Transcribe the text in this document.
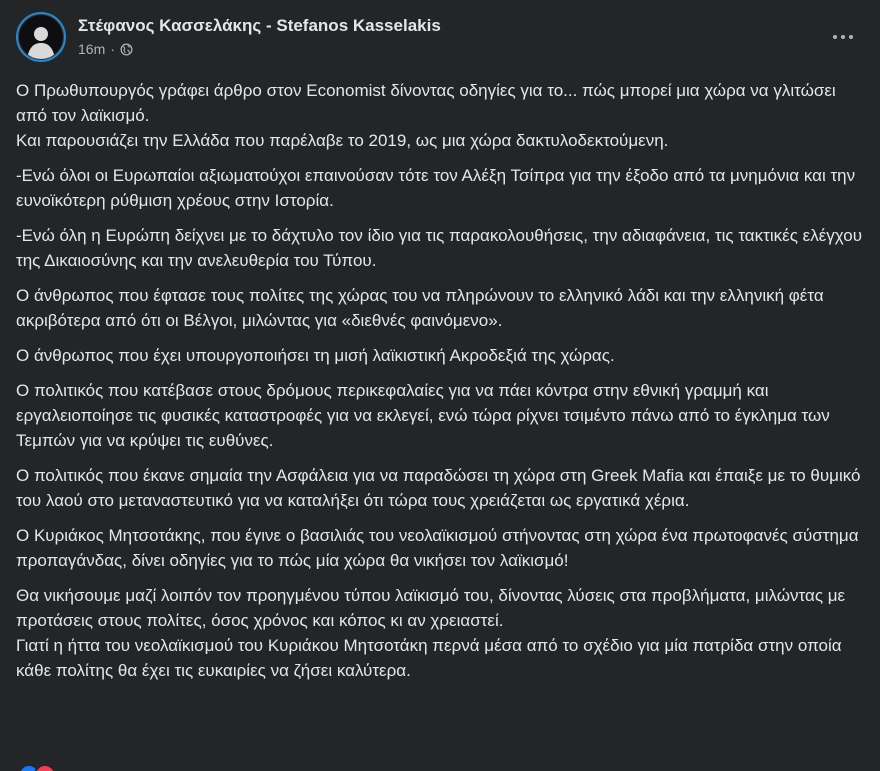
Στέφανος Κασσελάκης - Stefanos Kasselakis
16m ·

Ο Πρωθυπουργός γράφει άρθρο στον Economist δίνοντας οδηγίες για το... πώς μπορεί μια χώρα να γλιτώσει από τον λαϊκισμό.
Και παρουσιάζει την Ελλάδα που παρέλαβε το 2019, ως μια χώρα δακτυλοδεκτούμενη.

-Ενώ όλοι οι Ευρωπαίοι αξιωματούχοι επαινούσαν τότε τον Αλέξη Τσίπρα για την έξοδο από τα μνημόνια και την ευνοϊκότερη ρύθμιση χρέους στην Ιστορία.

-Ενώ όλη η Ευρώπη δείχνει με το δάχτυλο τον ίδιο για τις παρακολουθήσεις, την αδιαφάνεια, τις τακτικές ελέγχου της Δικαιοσύνης και την ανελευθερία του Τύπου.

Ο άνθρωπος που έφτασε τους πολίτες της χώρας του να πληρώνουν το ελληνικό λάδι και την ελληνική φέτα ακριβότερα από ότι οι Βέλγοι, μιλώντας για «διεθνές φαινόμενο».

Ο άνθρωπος που έχει υπουργοποιήσει τη μισή λαϊκιστική Ακροδεξιά της χώρας.

Ο πολιτικός που κατέβασε στους δρόμους περικεφαλαίες για να πάει κόντρα στην εθνική γραμμή και εργαλειοποίησε τις φυσικές καταστροφές για να εκλεγεί, ενώ τώρα ρίχνει τσιμέντο πάνω από το έγκλημα των Τεμπών για να κρύψει τις ευθύνες.

Ο πολιτικός που έκανε σημαία την Ασφάλεια για να παραδώσει τη χώρα στη Greek Mafia και έπαιξε με το θυμικό του λαού στο μεταναστευτικό για να καταλήξει ότι τώρα τους χρειάζεται ως εργατικά χέρια.

Ο Κυριάκος Μητσοτάκης, που έγινε ο βασιλιάς του νεολαϊκισμού στήνοντας στη χώρα ένα πρωτοφανές σύστημα προπαγάνδας, δίνει οδηγίες για το πώς μία χώρα θα νικήσει τον λαϊκισμό!

Θα νικήσουμε μαζί λοιπόν τον προηγμένου τύπου λαϊκισμό του, δίνοντας λύσεις στα προβλήματα, μιλώντας με προτάσεις στους πολίτες, όσος χρόνος και κόπος κι αν χρειαστεί.
Γιατί η ήττα του νεολαϊκισμού του Κυριάκου Μητσοτάκη περνά μέσα από το σχέδιο για μία πατρίδα στην οποία κάθε πολίτης θα έχει τις ευκαιρίες να ζήσει καλύτερα.
